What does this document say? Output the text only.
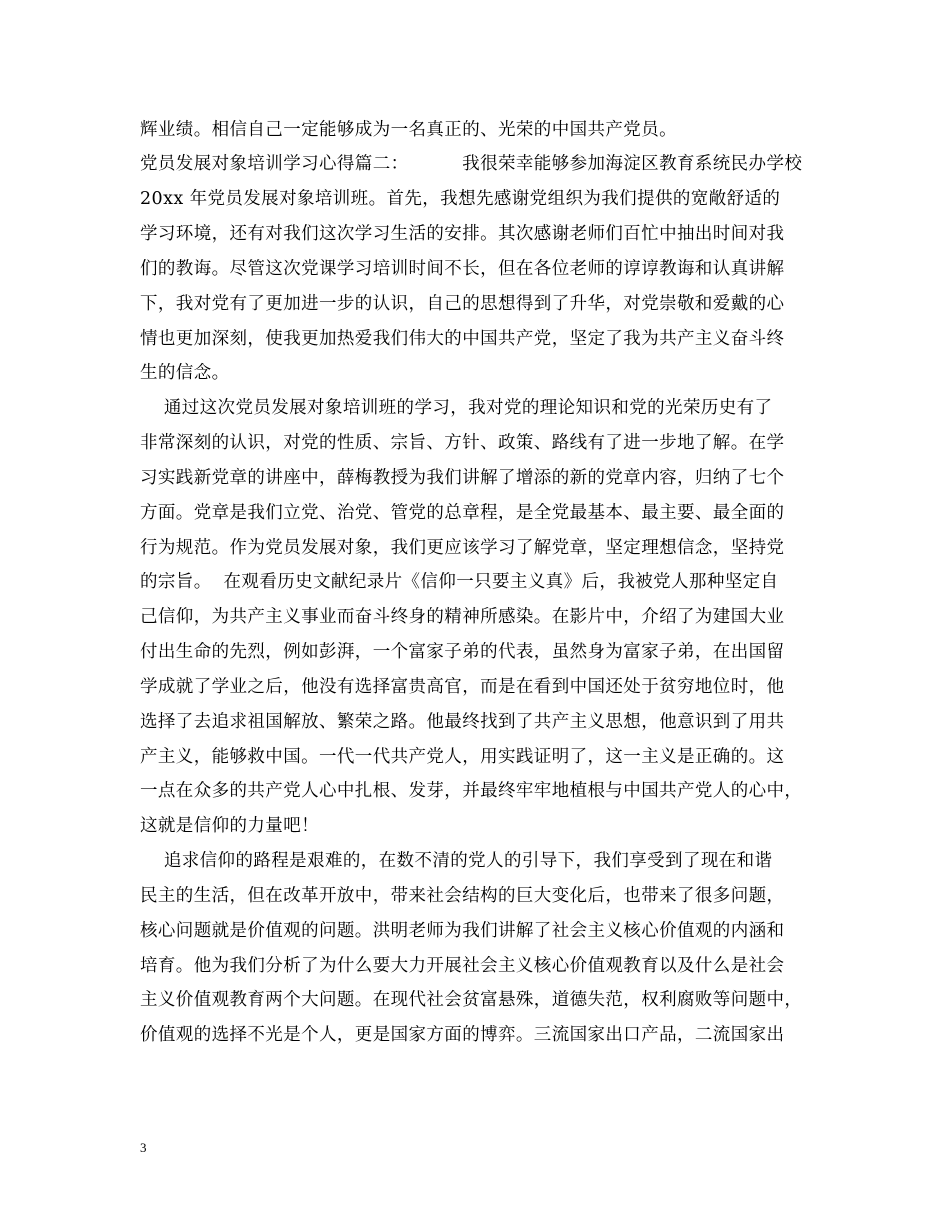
辉业绩。相信自己一定能够成为一名真正的、光荣的中国共产党员。
党员发展对象培训学习心得篇二：         我很荣幸能够参加海淀区教育系统民办学校
20xx 年党员发展对象培训班。首先，我想先感谢党组织为我们提供的宽敞舒适的
学习环境，还有对我们这次学习生活的安排。其次感谢老师们百忙中抽出时间对我
们的教诲。尽管这次党课学习培训时间不长，但在各位老师的谆谆教诲和认真讲解
下，我对党有了更加进一步的认识，自己的思想得到了升华，对党崇敬和爱戴的心
情也更加深刻，使我更加热爱我们伟大的中国共产党，坚定了我为共产主义奋斗终
生的信念。
通过这次党员发展对象培训班的学习，我对党的理论知识和党的光荣历史有了
非常深刻的认识，对党的性质、宗旨、方针、政策、路线有了进一步地了解。在学
习实践新党章的讲座中，薛梅教授为我们讲解了增添的新的党章内容，归纳了七个
方面。党章是我们立党、治党、管党的总章程，是全党最基本、最主要、最全面的
行为规范。作为党员发展对象，我们更应该学习了解党章，坚定理想信念，坚持党
的宗旨。  在观看历史文献纪录片《信仰一只要主义真》后，我被党人那种坚定自
己信仰，为共产主义事业而奋斗终身的精神所感染。在影片中，介绍了为建国大业
付出生命的先烈，例如彭湃，一个富家子弟的代表，虽然身为富家子弟，在出国留
学成就了学业之后，他没有选择富贵高官，而是在看到中国还处于贫穷地位时，他
选择了去追求祖国解放、繁荣之路。他最终找到了共产主义思想，他意识到了用共
产主义，能够救中国。一代一代共产党人，用实践证明了，这一主义是正确的。这
一点在众多的共产党人心中扎根、发芽，并最终牢牢地植根与中国共产党人的心中，
这就是信仰的力量吧！
追求信仰的路程是艰难的，在数不清的党人的引导下，我们享受到了现在和谐
民主的生活，但在改革开放中，带来社会结构的巨大变化后，也带来了很多问题，
核心问题就是价值观的问题。洪明老师为我们讲解了社会主义核心价值观的内涵和
培育。他为我们分析了为什么要大力开展社会主义核心价值观教育以及什么是社会
主义价值观教育两个大问题。在现代社会贫富悬殊，道德失范，权利腐败等问题中，
价值观的选择不光是个人，更是国家方面的博弈。三流国家出口产品，二流国家出
3
